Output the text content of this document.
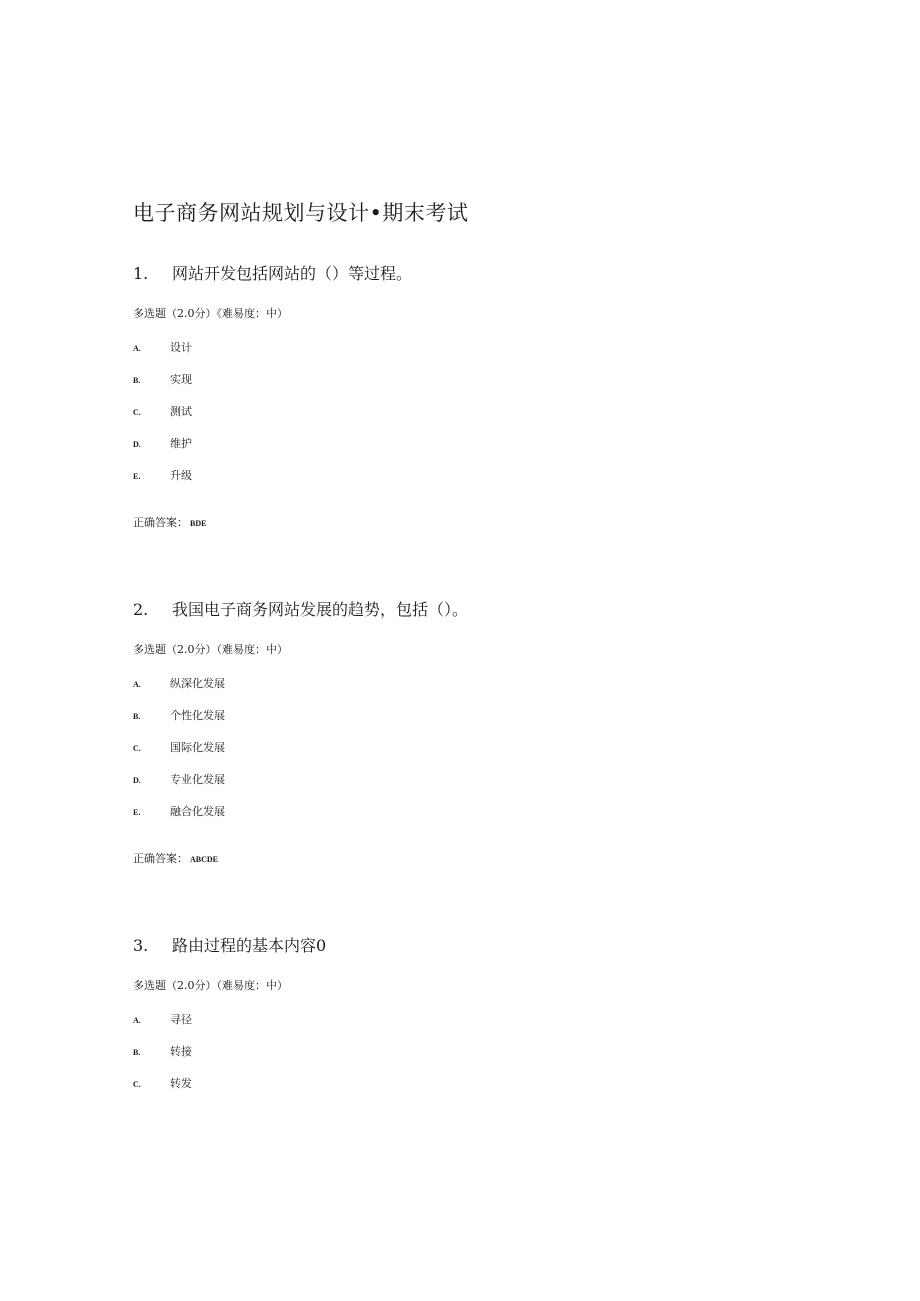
电子商务网站规划与设计•期末考试
1. 网站开发包括网站的（）等过程。
多选题（2.0分）《难易度：中）
A.	设计
B.	实现
C.	测试
D.	维护
E.	升级
正确答案： BDE
2. 我国电子商务网站发展的趋势，包括（）。
多选题（2.0分）（难易度：中）
A.	纵深化发展
B.	个性化发展
C.	国际化发展
D.	专业化发展
E.	融合化发展
正确答案： ABCDE
3. 路由过程的基本内容0
多选题（2.0分）（难易度：中）
A.	寻径
B.	转接
C.	转发
